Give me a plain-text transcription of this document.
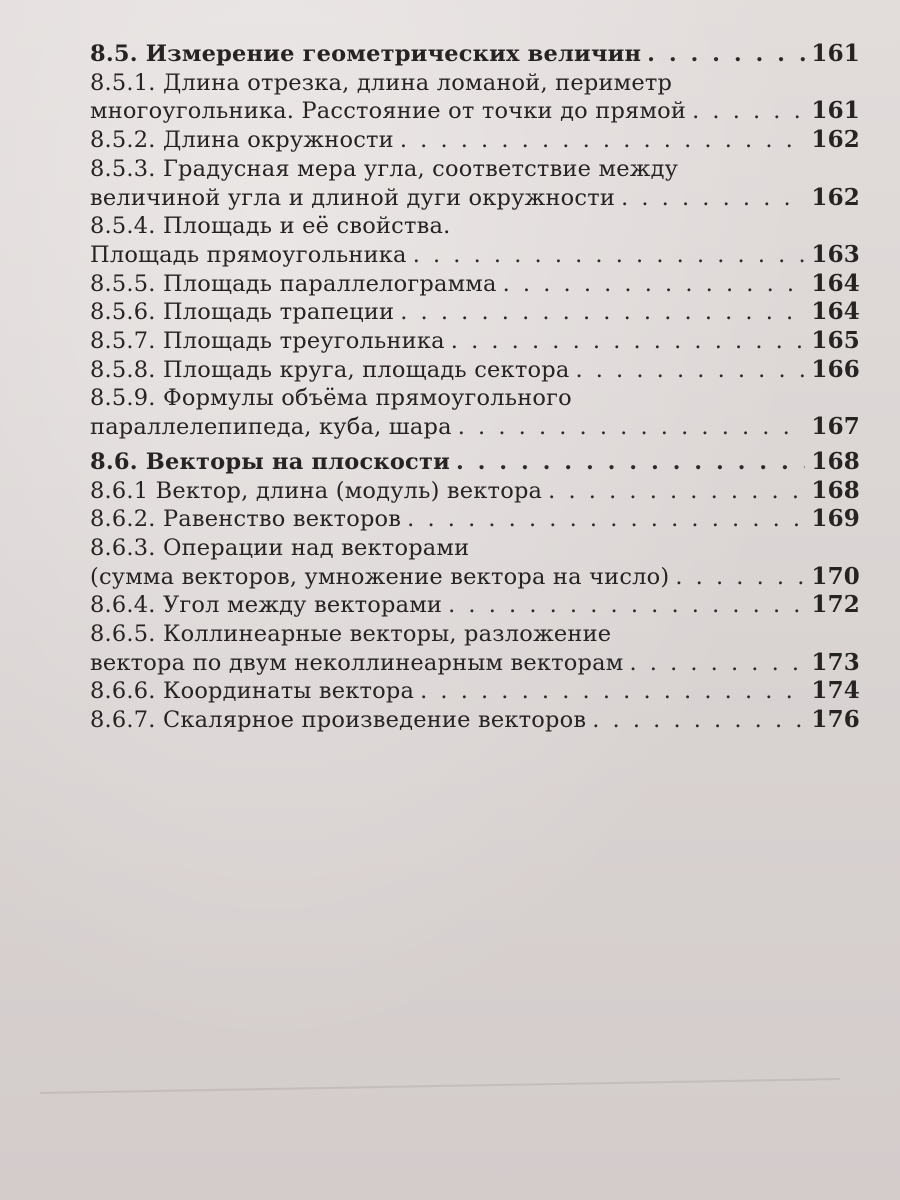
8.5. Измерение геометрических величин . . .	161
8.5.1. Длина отрезка, длина ломаной, периметр
многоугольника. Расстояние от точки до прямой . . .	161
8.5.2. Длина окружности . . .	162
8.5.3. Градусная мера угла, соответствие между
величиной угла и длиной дуги окружности . . .	162
8.5.4. Площадь и её свойства.
Площадь прямоугольника . . .	163
8.5.5. Площадь параллелограмма . . .	164
8.5.6. Площадь трапеции . . .	164
8.5.7. Площадь треугольника . . .	165
8.5.8. Площадь круга, площадь сектора . . .	166
8.5.9. Формулы объёма прямоугольного
параллелепипеда, куба, шара . . .	167
8.6. Векторы на плоскости . . .	168
8.6.1 Вектор, длина (модуль) вектора . . .	168
8.6.2. Равенство векторов . . .	169
8.6.3. Операции над векторами
(сумма векторов, умножение вектора на число) . . .	170
8.6.4. Угол между векторами . . .	172
8.6.5. Коллинеарные векторы, разложение
вектора по двум неколлинеарным векторам . . .	173
8.6.6. Координаты вектора . . .	174
8.6.7. Скалярное произведение векторов . . .	176
